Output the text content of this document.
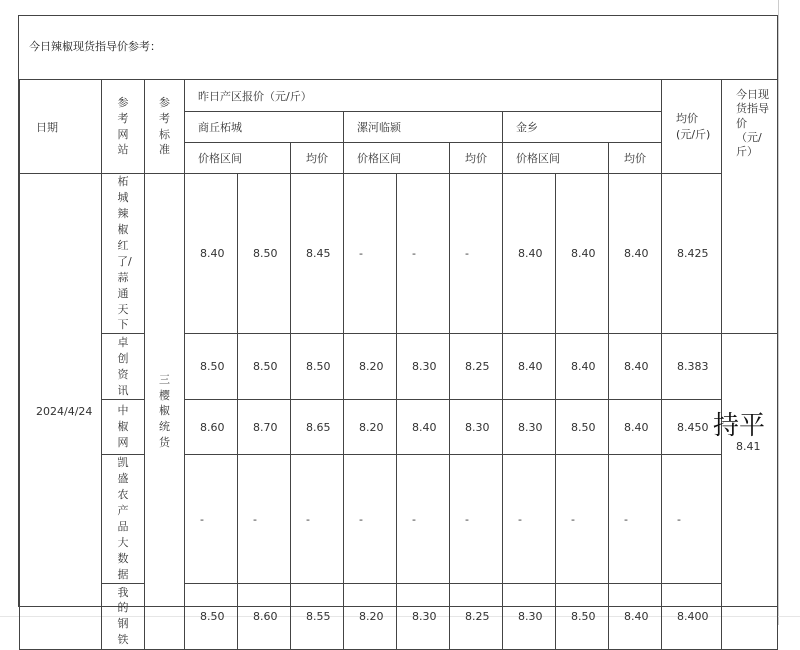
今日辣椒现货指导价参考：
日期	参考网站	参考标准	昨日产区报价（元/斤）									均价(元/斤)	今日现货指导价（元/斤）

			商丘柘城			漯河临颍			金乡				
			价格区间		均价	价格区间		均价	价格区间		均价		
2024/4/24	柘城辣椒红了/蒜通天下	三樱椒统货	8.40	8.50	8.45	-	-	-	8.40	8.40	8.40	8.425	

	卓创资讯		8.50	8.50	8.50	8.20	8.30	8.25	8.40	8.40	8.40	8.383	8.41

	中椒网		8.60	8.70	8.65	8.20	8.40	8.30	8.30	8.50	8.40	8.450	

	凯盛农产品大数据		-	-	-	-	-	-	-	-	-	-	

	我的钢铁		8.50	8.60	8.55	8.20	8.30	8.25	8.30	8.50	8.40	8.400	
持平
